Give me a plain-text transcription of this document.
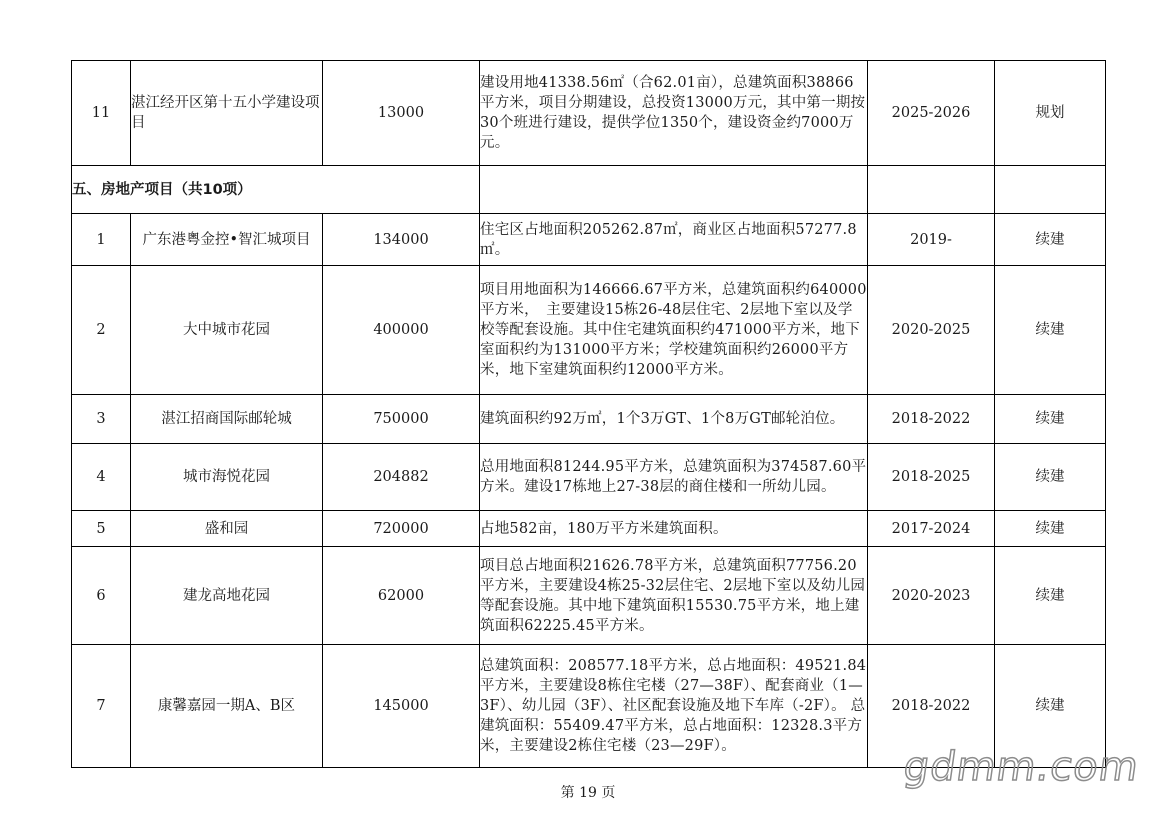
11	湛江经开区第十五小学建设项目	13000	建设用地41338.56㎡（合62.01亩），总建筑面积38866平方米，项目分期建设，总投资13000万元，其中第一期按30个班进行建设，提供学位1350个，建设资金约7000万元。	2025-2026	规划
五、房地产项目（共10项）					
1	广东港粤金控•智汇城项目	134000	住宅区占地面积205262.87㎡，商业区占地面积57277.8㎡。	2019-	续建
2	大中城市花园	400000	项目用地面积为146666.67平方米，总建筑面积约640000平方米，　主要建设15栋26-48层住宅、2层地下室以及学校等配套设施。其中住宅建筑面积约471000平方米，地下室面积约为131000平方米；学校建筑面积约26000平方米，地下室建筑面积约12000平方米。	2020-2025	续建
3	湛江招商国际邮轮城	750000	建筑面积约92万㎡，1个3万GT、1个8万GT邮轮泊位。	2018-2022	续建
4	城市海悦花园	204882	总用地面积81244.95平方米，总建筑面积为374587.60平方米。建设17栋地上27-38层的商住楼和一所幼儿园。	2018-2025	续建
5	盛和园	720000	占地582亩，180万平方米建筑面积。	2017-2024	续建
6	建龙高地花园	62000	项目总占地面积21626.78平方米，总建筑面积77756.20平方米，主要建设4栋25-32层住宅、2层地下室以及幼儿园等配套设施。其中地下建筑面积15530.75平方米，地上建筑面积62225.45平方米。	2020-2023	续建
7	康馨嘉园一期A、B区	145000	总建筑面积：208577.18平方米，总占地面积：49521.84平方米，主要建设8栋住宅楼（27—38F）、配套商业（1—3F）、幼儿园（3F）、社区配套设施及地下车库（-2F）。 总建筑面积：55409.47平方米，总占地面积：12328.3平方米，主要建设2栋住宅楼（23—29F）。	2018-2022	续建
第 19 页
gdmm.com
